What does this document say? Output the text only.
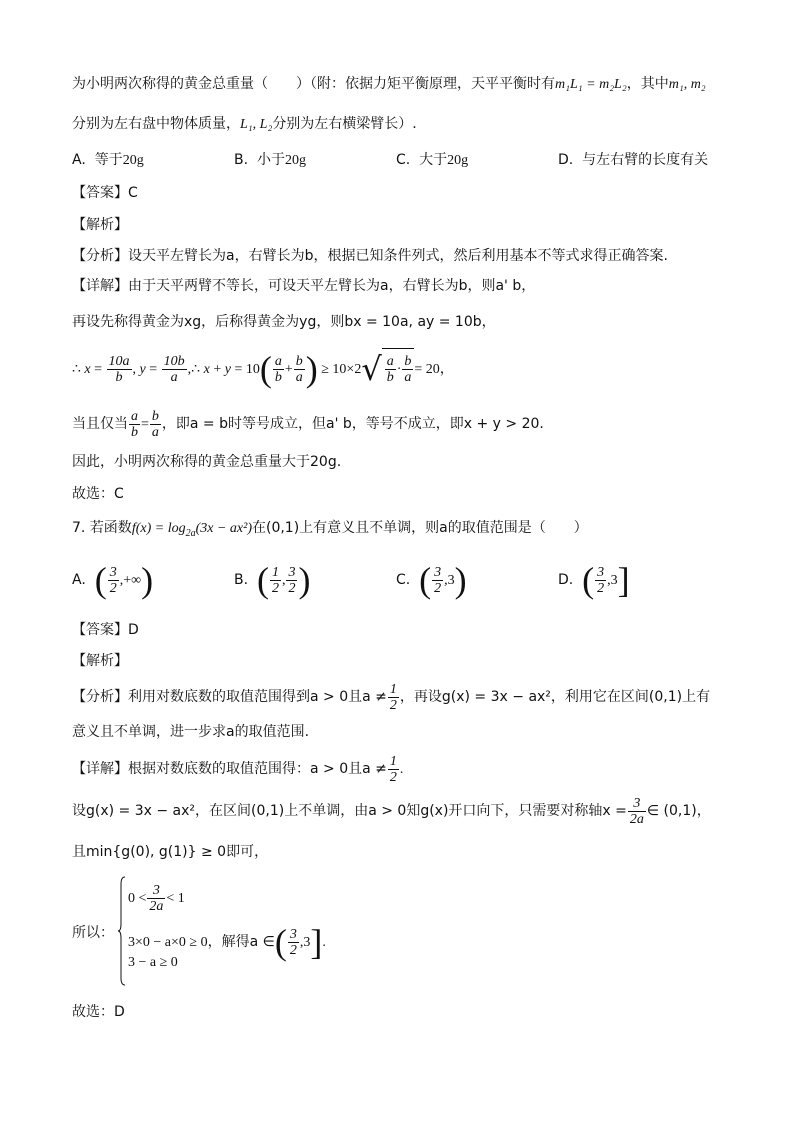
为小明两次称得的黄金总重量（　　）（附：依据力矩平衡原理，天平平衡时有m₁L₁ = m₂L₂，其中m₁, m₂
分别为左右盘中物体质量，L₁, L₂分别为左右横梁臂长）.
A. 等于20g	B. 小于20g	C. 大于20g	D. 与左右臂的长度有关
【答案】C
【解析】
【分析】设天平左臂长为a，右臂长为b，根据已知条件列式，然后利用基本不等式求得正确答案.
【详解】由于天平两臂不等长，可设天平左臂长为a，右臂长为b，则a' b，
再设先称得黄金为xg，后称得黄金为yg，则bx = 10a, ay = 10b，
∴ $x = \frac{10a}{b}$ , $y = \frac{10b}{a}$ ,∴ $x + y = 10( \frac{a}{b} + \frac{b}{a}$ ) ≥ $10\times 2√ \frac{a}{b} \cdot \frac{b}{a} = 20$，
当且仅当 $\frac{a}{b} = \frac{b}{a}$ ，即a = b时等号成立，但a' b，等号不成立，即x + y > 20.
因此，小明两次称得的黄金总重量大于20g.
故选：C
7. 若函数$f(x) = \log_{2a}(3x - ax^2)$在(0,1)上有意义且不单调，则a的取值范围是（　　）
A. ( $\frac{3}{2}$ ,+∞)	B. ( $\frac{1}{2}$ , $\frac{3}{2}$ )	C. ( $\frac{3}{2} ,3$)	D. ( $\frac{3}{2} ,3$]
【答案】D
【解析】
【分析】利用对数底数的取值范围得到a > 0且$a \ne \frac{1}{2}$ ，再设g(x) = 3x − ax²，利用它在区间(0,1)上有
意义且不单调，进一步求a的取值范围.
【详解】根据对数底数的取值范围得：a > 0且$a \ne \frac{1}{2}$ .
设g(x) = 3x − ax²，在区间(0,1)上不单调，由a > 0知g(x)开口向下，只需要对称轴$x = \frac{3}{2a}$ ∈ (0,1)，
且min{g(0), g(1)} ≥ 0即可，
所以：
$0 < \frac{3}{2a} < 1$
3×0 − a×0 ≥ 0，解得a ∈( $\frac{3}{2} ,3$].
3 − a ≥ 0
故选：D
